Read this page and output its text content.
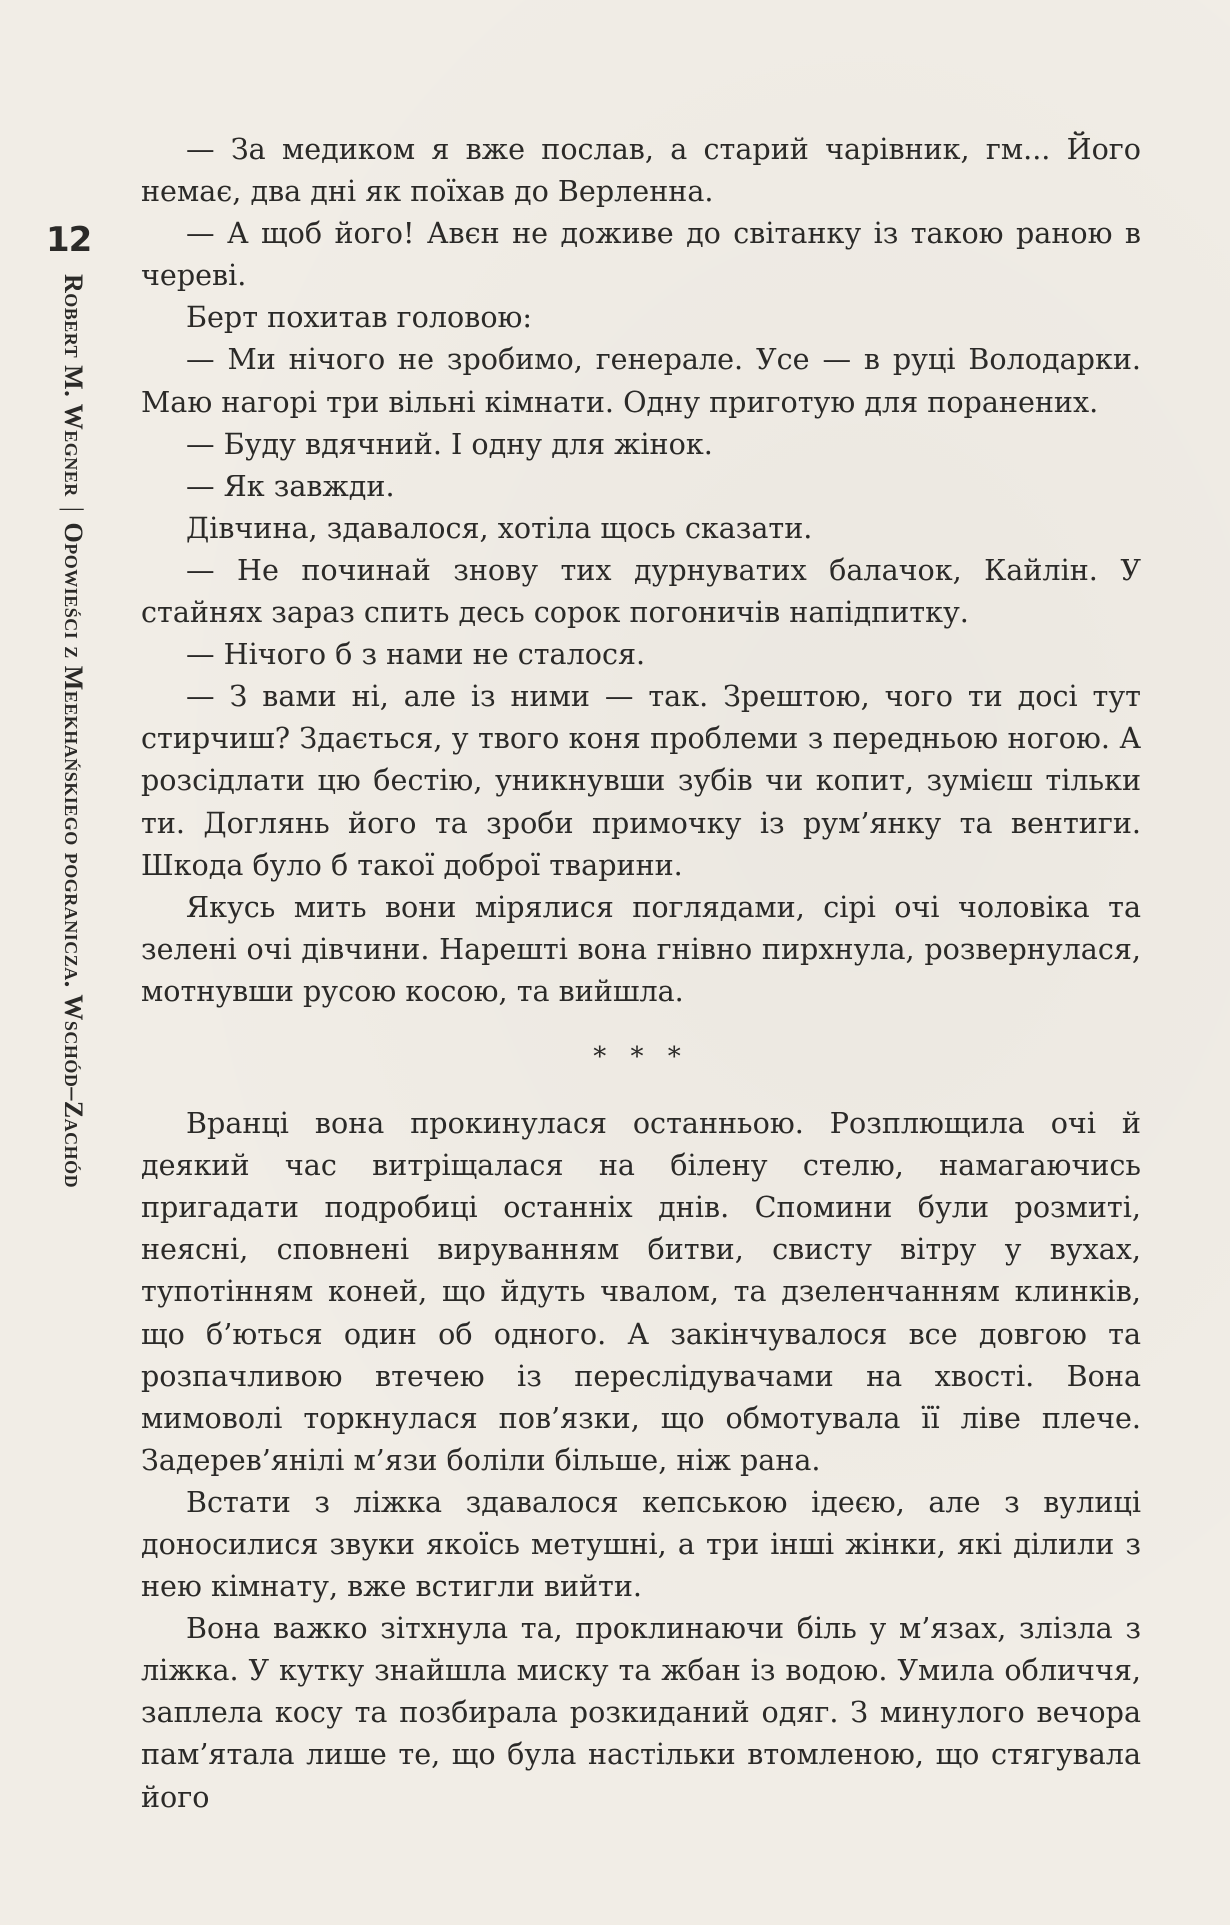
12
Robert M. Wegner|Opowieści z Meekhańskiego pogranicza. Wschód–Zachód

— За медиком я вже послав, а старий чарівник, гм... Його немає, два дні як поїхав до Верленна.

— А щоб його! Авєн не доживе до світанку із такою раною в череві.

Берт похитав головою:

— Ми нічого не зробимо, генерале. Усе — в руці Володарки. Маю нагорі три вільні кімнати. Одну приготую для поранених.

— Буду вдячний. І одну для жінок.

— Як завжди.

Дівчина, здавалося, хотіла щось сказати.

— Не починай знову тих дурнуватих балачок, Кайлін. У стайнях зараз спить десь сорок погоничів напідпитку.

— Нічого б з нами не сталося.

— З вами ні, але із ними — так. Зрештою, чого ти досі тут стирчиш? Здається, у твого коня проблеми з передньою ногою. А розсідлати цю бестію, уникнувши зубів чи копит, зумієш тільки ти. Доглянь його та зроби примочку із рум’янку та вентиги. Шкода було б такої доброї тварини.

Якусь мить вони мірялися поглядами, сірі очі чоловіка та зелені очі дівчини. Нарешті вона гнівно пирхнула, розвернулася, мотнувши русою косою, та вийшла.

* * *

Вранці вона прокинулася останньою. Розплющила очі й деякий час витріщалася на білену стелю, намагаючись пригадати подробиці останніх днів. Спомини були розмиті, неясні, сповнені вируванням битви, свисту вітру у вухах, тупотінням коней, що йдуть чвалом, та дзеленчанням клинків, що б’ються один об одного. А закінчувалося все довгою та розпачливою втечею із переслідувачами на хвості. Вона мимоволі торкнулася пов’язки, що обмотувала її ліве плече. Задерев’янілі м’язи боліли більше, ніж рана.

Встати з ліжка здавалося кепською ідеєю, але з вулиці доносилися звуки якоїсь метушні, а три інші жінки, які ділили з нею кімнату, вже встигли вийти.

Вона важко зітхнула та, проклинаючи біль у м’язах, злізла з ліжка. У кутку знайшла миску та жбан із водою. Умила обличчя, заплела косу та позбирала розкиданий одяг. З минулого вечора пам’ятала лише те, що була настільки втомленою, що стягувала його
